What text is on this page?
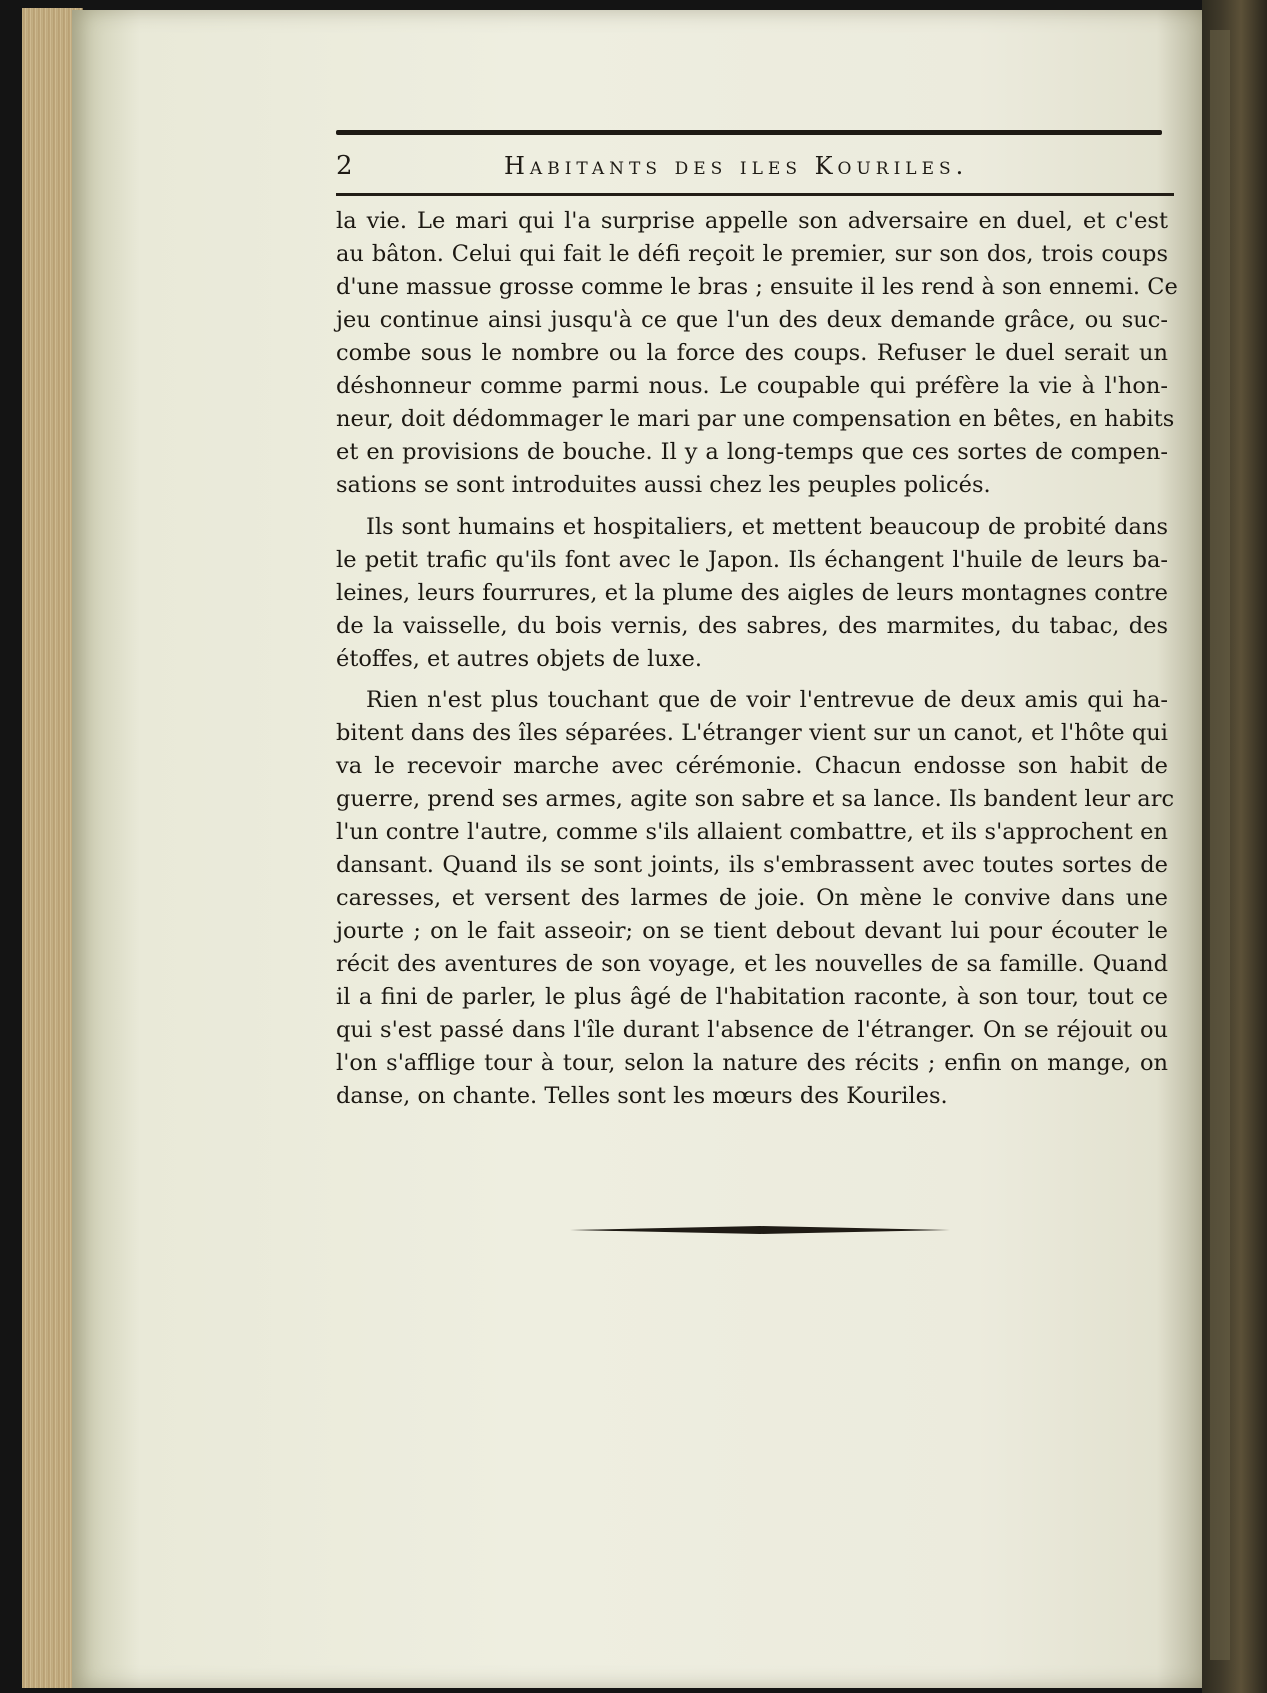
2	Habitants des iles Kouriles.
la vie. Le mari qui l'a surprise appelle son adversaire en duel, et c'est
au bâton. Celui qui fait le défi reçoit le premier, sur son dos, trois coups
d'une massue grosse comme le bras ; ensuite il les rend à son ennemi. Ce
jeu continue ainsi jusqu'à ce que l'un des deux demande grâce, ou suc-
combe sous le nombre ou la force des coups. Refuser le duel serait un
déshonneur comme parmi nous. Le coupable qui préfère la vie à l'hon-
neur, doit dédommager le mari par une compensation en bêtes, en habits
et en provisions de bouche. Il y a long-temps que ces sortes de compen-
sations se sont introduites aussi chez les peuples policés.
Ils sont humains et hospitaliers, et mettent beaucoup de probité dans
le petit trafic qu'ils font avec le Japon. Ils échangent l'huile de leurs ba-
leines, leurs fourrures, et la plume des aigles de leurs montagnes contre
de la vaisselle, du bois vernis, des sabres, des marmites, du tabac, des
étoffes, et autres objets de luxe.
Rien n'est plus touchant que de voir l'entrevue de deux amis qui ha-
bitent dans des îles séparées. L'étranger vient sur un canot, et l'hôte qui
va le recevoir marche avec cérémonie. Chacun endosse son habit de
guerre, prend ses armes, agite son sabre et sa lance. Ils bandent leur arc
l'un contre l'autre, comme s'ils allaient combattre, et ils s'approchent en
dansant. Quand ils se sont joints, ils s'embrassent avec toutes sortes de
caresses, et versent des larmes de joie. On mène le convive dans une
jourte ; on le fait asseoir; on se tient debout devant lui pour écouter le
récit des aventures de son voyage, et les nouvelles de sa famille. Quand
il a fini de parler, le plus âgé de l'habitation raconte, à son tour, tout ce
qui s'est passé dans l'île durant l'absence de l'étranger. On se réjouit ou
l'on s'afflige tour à tour, selon la nature des récits ; enfin on mange, on
danse, on chante. Telles sont les mœurs des Kouriles.
